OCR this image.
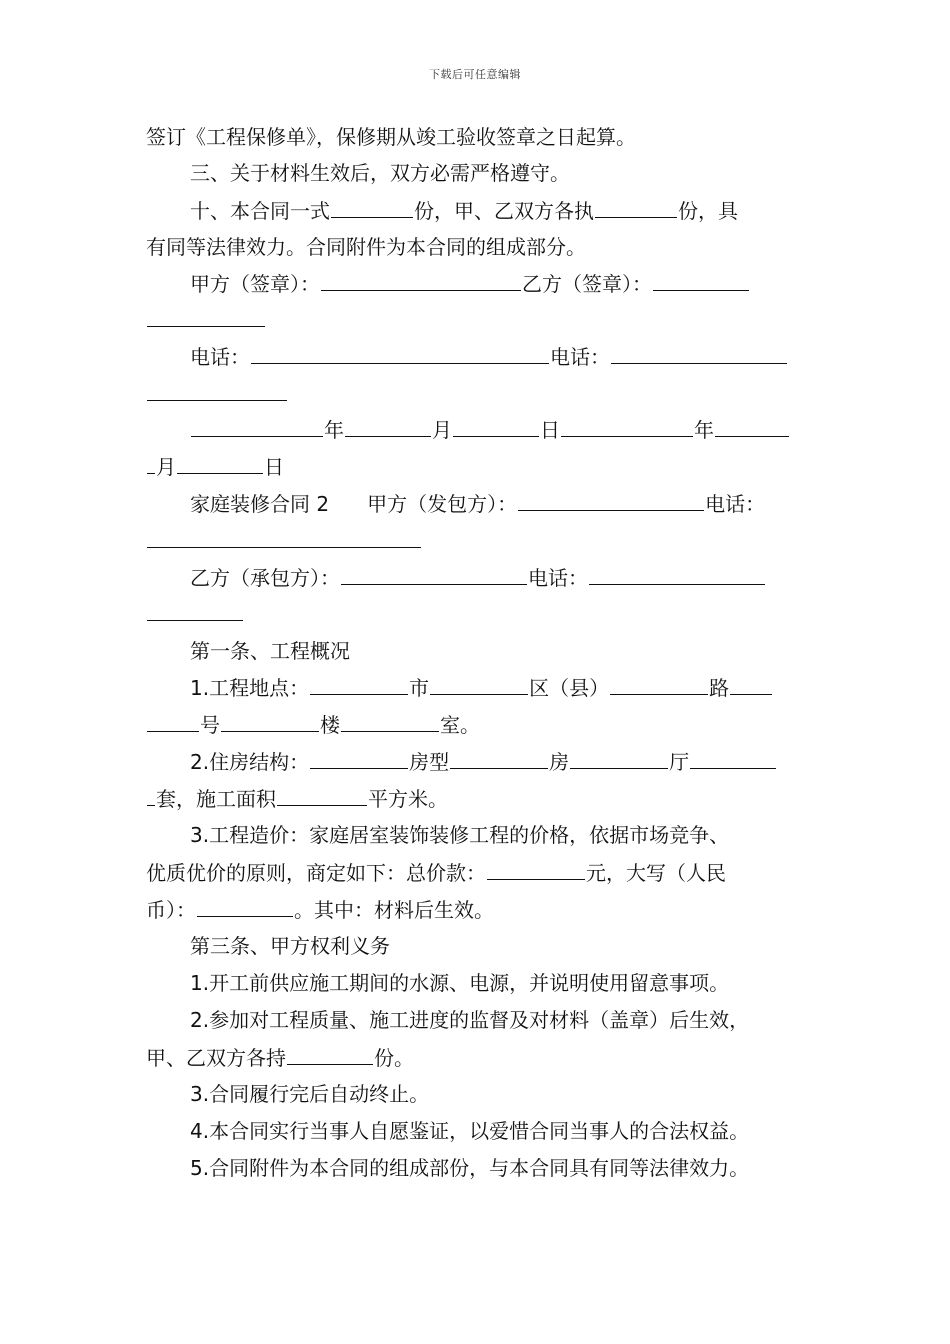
下载后可任意编辑
签订《工程保修单》，保修期从竣工验收签章之日起算。
三、关于材料生效后，双方必需严格遵守。
十、本合同一式	份，甲、乙双方各执	份，具
有同等法律效力。合同附件为本合同的组成部分。
甲方（签章）：	乙方（签章）：
电话：	电话：
年	月	日	年
月	日
家庭装修合同 2 甲方（发包方）：	电话：
乙方（承包方）：	电话：
第一条、工程概况
1.工程地点：	市	区（县）	路
号	楼	室。
2.住房结构：	房型	房	厅
套，施工面积	平方米。
3.工程造价：家庭居室装饰装修工程的价格，依据市场竞争、
优质优价的原则，商定如下：总价款：	元，大写（人民
币）：	。其中：材料后生效。
第三条、甲方权利义务
1.开工前供应施工期间的水源、电源，并说明使用留意事项。
2.参加对工程质量、施工进度的监督及对材料（盖章）后生效，
甲、乙双方各持	份。
3.合同履行完后自动终止。
4.本合同实行当事人自愿鉴证，以爱惜合同当事人的合法权益。
5.合同附件为本合同的组成部份，与本合同具有同等法律效力。
